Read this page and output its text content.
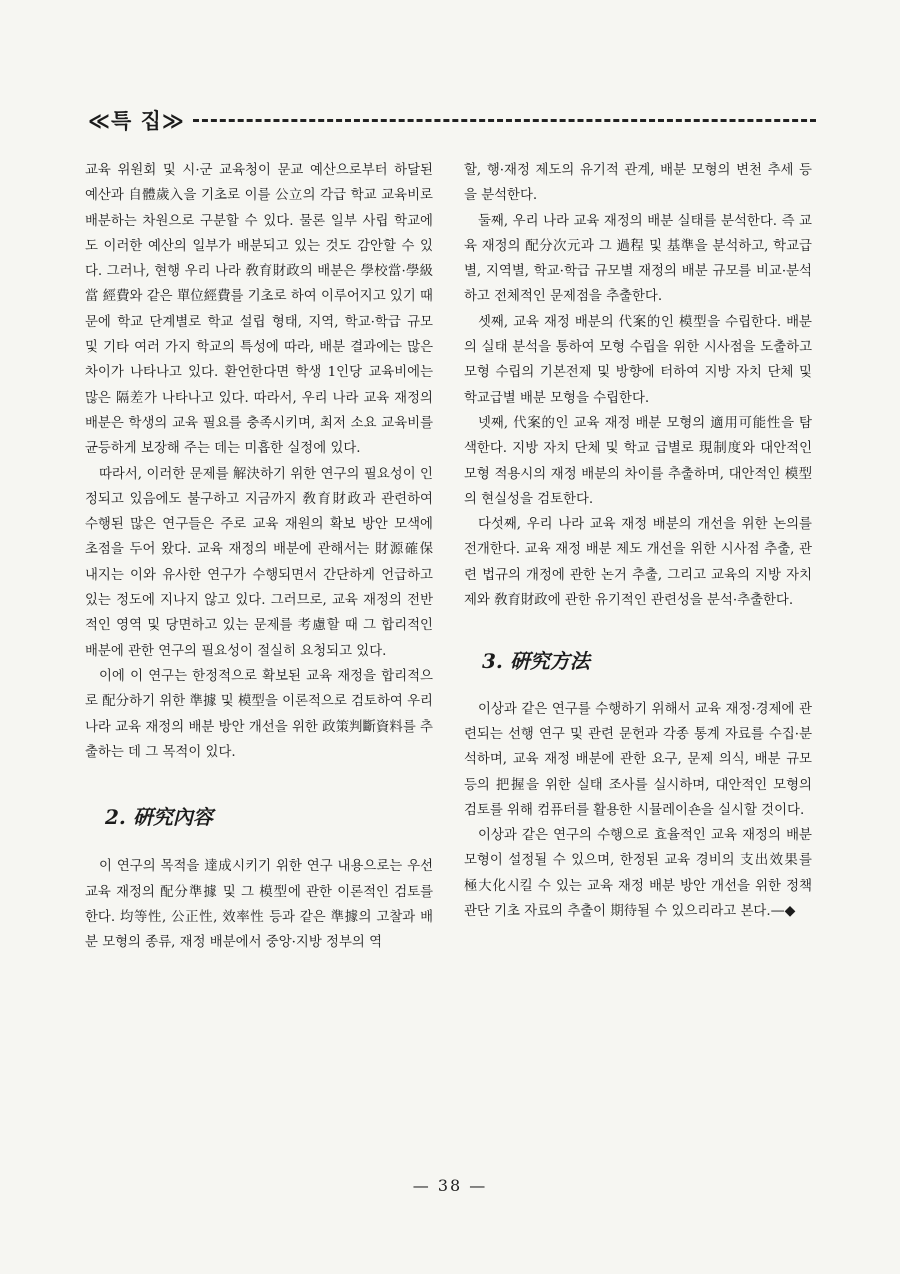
≪특 집≫

교육 위원회 및 시·군 교육청이 문교 예산으로부터 하달된 예산과 自體歲入을 기초로 이를 公立의 각급 학교 교육비로 배분하는 차원으로 구분할 수 있다. 물론 일부 사립 학교에도 이러한 예산의 일부가 배분되고 있는 것도 감안할 수 있다. 그러나, 현행 우리 나라 敎育財政의 배분은 學校當·學級當 經費와 같은 單位經費를 기초로 하여 이루어지고 있기 때문에 학교 단계별로 학교 설립 형태, 지역, 학교·학급 규모 및 기타 여러 가지 학교의 특성에 따라, 배분 결과에는 많은 차이가 나타나고 있다. 환언한다면 학생 1인당 교육비에는 많은 隔差가 나타나고 있다. 따라서, 우리 나라 교육 재정의 배분은 학생의 교육 필요를 충족시키며, 최저 소요 교육비를 균등하게 보장해 주는 데는 미흡한 실정에 있다.

따라서, 이러한 문제를 解決하기 위한 연구의 필요성이 인정되고 있음에도 불구하고 지금까지 敎育財政과 관련하여 수행된 많은 연구들은 주로 교육 재원의 확보 방안 모색에 초점을 두어 왔다. 교육 재정의 배분에 관해서는 財源確保 내지는 이와 유사한 연구가 수행되면서 간단하게 언급하고 있는 정도에 지나지 않고 있다. 그러므로, 교육 재정의 전반적인 영역 및 당면하고 있는 문제를 考慮할 때 그 합리적인 배분에 관한 연구의 필요성이 절실히 요청되고 있다.

이에 이 연구는 한정적으로 확보된 교육 재정을 합리적으로 配分하기 위한 準據 및 模型을 이론적으로 검토하여 우리 나라 교육 재정의 배분 방안 개선을 위한 政策判斷資料를 추출하는 데 그 목적이 있다.

2. 硏究內容

이 연구의 목적을 達成시키기 위한 연구 내용으로는 우선 교육 재정의 配分準據 및 그 模型에 관한 이론적인 검토를 한다. 均等性, 公正性, 效率性 등과 같은 準據의 고찰과 배분 모형의 종류, 재정 배분에서 중앙·지방 정부의 역

할, 행·재정 제도의 유기적 관계, 배분 모형의 변천 추세 등을 분석한다.

둘째, 우리 나라 교육 재정의 배분 실태를 분석한다. 즉 교육 재정의 配分次元과 그 過程 및 基準을 분석하고, 학교급별, 지역별, 학교·학급 규모별 재정의 배분 규모를 비교·분석하고 전체적인 문제점을 추출한다.

셋째, 교육 재정 배분의 代案的인 模型을 수립한다. 배분의 실태 분석을 통하여 모형 수립을 위한 시사점을 도출하고 모형 수립의 기본전제 및 방향에 터하여 지방 자치 단체 및 학교급별 배분 모형을 수립한다.

넷째, 代案的인 교육 재정 배분 모형의 適用可能性을 탐색한다. 지방 자치 단체 및 학교 급별로 現制度와 대안적인 모형 적용시의 재정 배분의 차이를 추출하며, 대안적인 模型의 현실성을 검토한다.

다섯째, 우리 나라 교육 재정 배분의 개선을 위한 논의를 전개한다. 교육 재정 배분 제도 개선을 위한 시사점 추출, 관련 법규의 개정에 관한 논거 추출, 그리고 교육의 지방 자치제와 敎育財政에 관한 유기적인 관련성을 분석·추출한다.

3. 硏究方法

이상과 같은 연구를 수행하기 위해서 교육 재정·경제에 관련되는 선행 연구 및 관련 문헌과 각종 통계 자료를 수집·분석하며, 교육 재정 배분에 관한 요구, 문제 의식, 배분 규모 등의 把握을 위한 실태 조사를 실시하며, 대안적인 모형의 검토를 위해 컴퓨터를 활용한 시뮬레이숀을 실시할 것이다.

이상과 같은 연구의 수행으로 효율적인 교육 재정의 배분 모형이 설정될 수 있으며, 한정된 교육 경비의 支出效果를 極大化시킬 수 있는 교육 재정 배분 방안 개선을 위한 정책 관단 기초 자료의 추출이 期待될 수 있으리라고 본다.—◆

— 38 —
